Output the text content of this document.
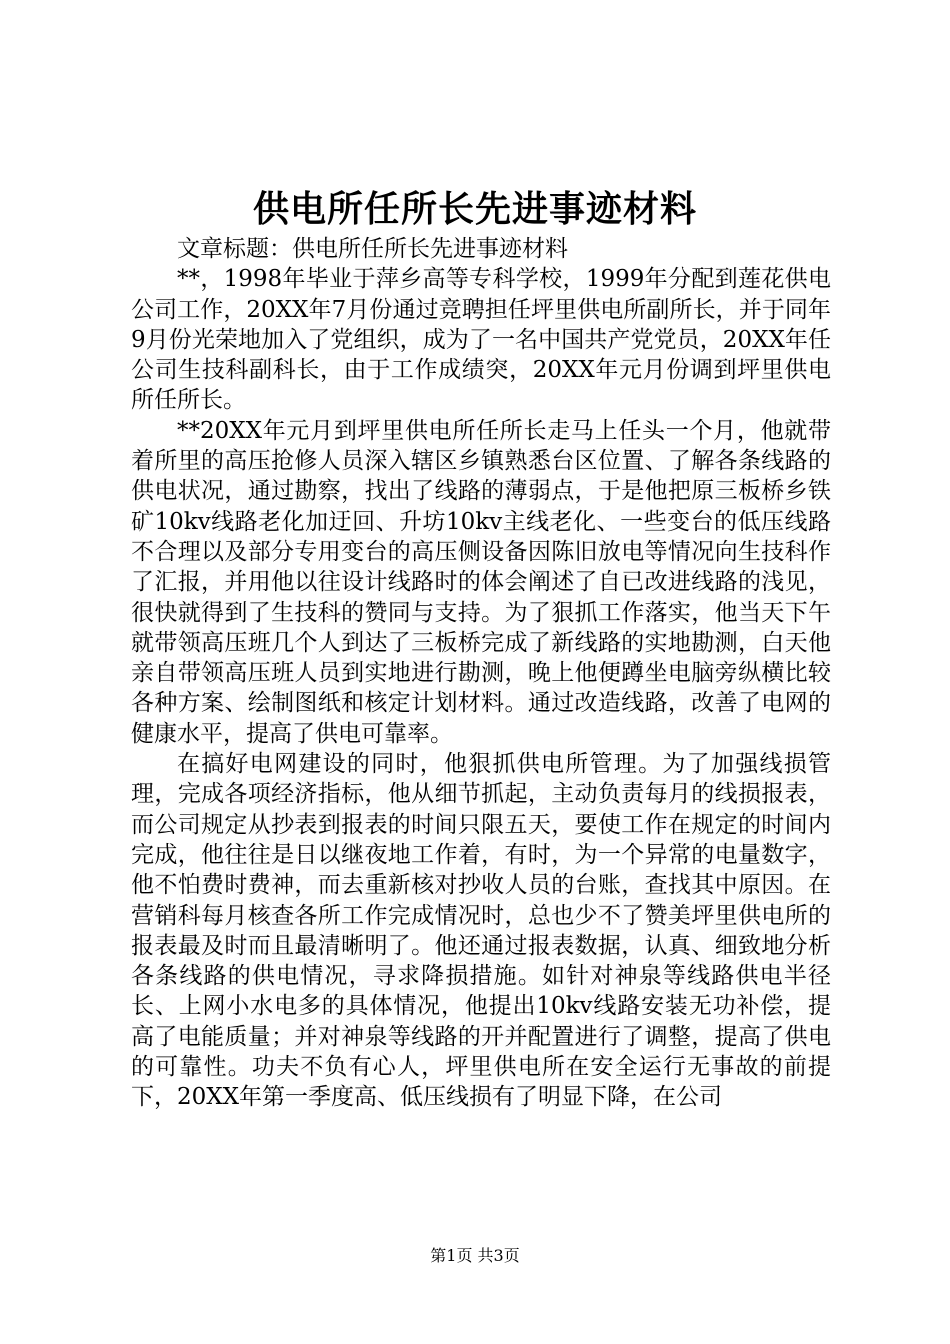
供电所任所长先进事迹材料

文章标题：供电所任所长先进事迹材料

**，1998年毕业于萍乡高等专科学校，1999年分配到莲花供电公司工作，20XX年7月份通过竞聘担任坪里供电所副所长，并于同年9月份光荣地加入了党组织，成为了一名中国共产党党员，20XX年任公司生技科副科长，由于工作成绩突，20XX年元月份调到坪里供电所任所长。

**20XX年元月到坪里供电所任所长走马上任头一个月，他就带着所里的高压抢修人员深入辖区乡镇熟悉台区位置、了解各条线路的供电状况，通过勘察，找出了线路的薄弱点，于是他把原三板桥乡铁矿10kv线路老化加迂回、升坊10kv主线老化、一些变台的低压线路不合理以及部分专用变台的高压侧设备因陈旧放电等情况向生技科作了汇报，并用他以往设计线路时的体会阐述了自已改进线路的浅见，很快就得到了生技科的赞同与支持。为了狠抓工作落实，他当天下午就带领高压班几个人到达了三板桥完成了新线路的实地勘测，白天他亲自带领高压班人员到实地进行勘测，晚上他便蹲坐电脑旁纵横比较各种方案、绘制图纸和核定计划材料。通过改造线路，改善了电网的健康水平，提高了供电可靠率。

在搞好电网建设的同时，他狠抓供电所管理。为了加强线损管理，完成各项经济指标，他从细节抓起，主动负责每月的线损报表，而公司规定从抄表到报表的时间只限五天，要使工作在规定的时间内完成，他往往是日以继夜地工作着，有时，为一个异常的电量数字，他不怕费时费神，而去重新核对抄收人员的台账，查找其中原因。在营销科每月核查各所工作完成情况时，总也少不了赞美坪里供电所的报表最及时而且最清晰明了。他还通过报表数据，认真、细致地分析各条线路的供电情况，寻求降损措施。如针对神泉等线路供电半径长、上网小水电多的具体情况，他提出10kv线路安装无功补偿，提高了电能质量；并对神泉等线路的开并配置进行了调整，提高了供电的可靠性。功夫不负有心人，坪里供电所在安全运行无事故的前提下，20XX年第一季度高、低压线损有了明显下降，在公司

第1页 共3页
